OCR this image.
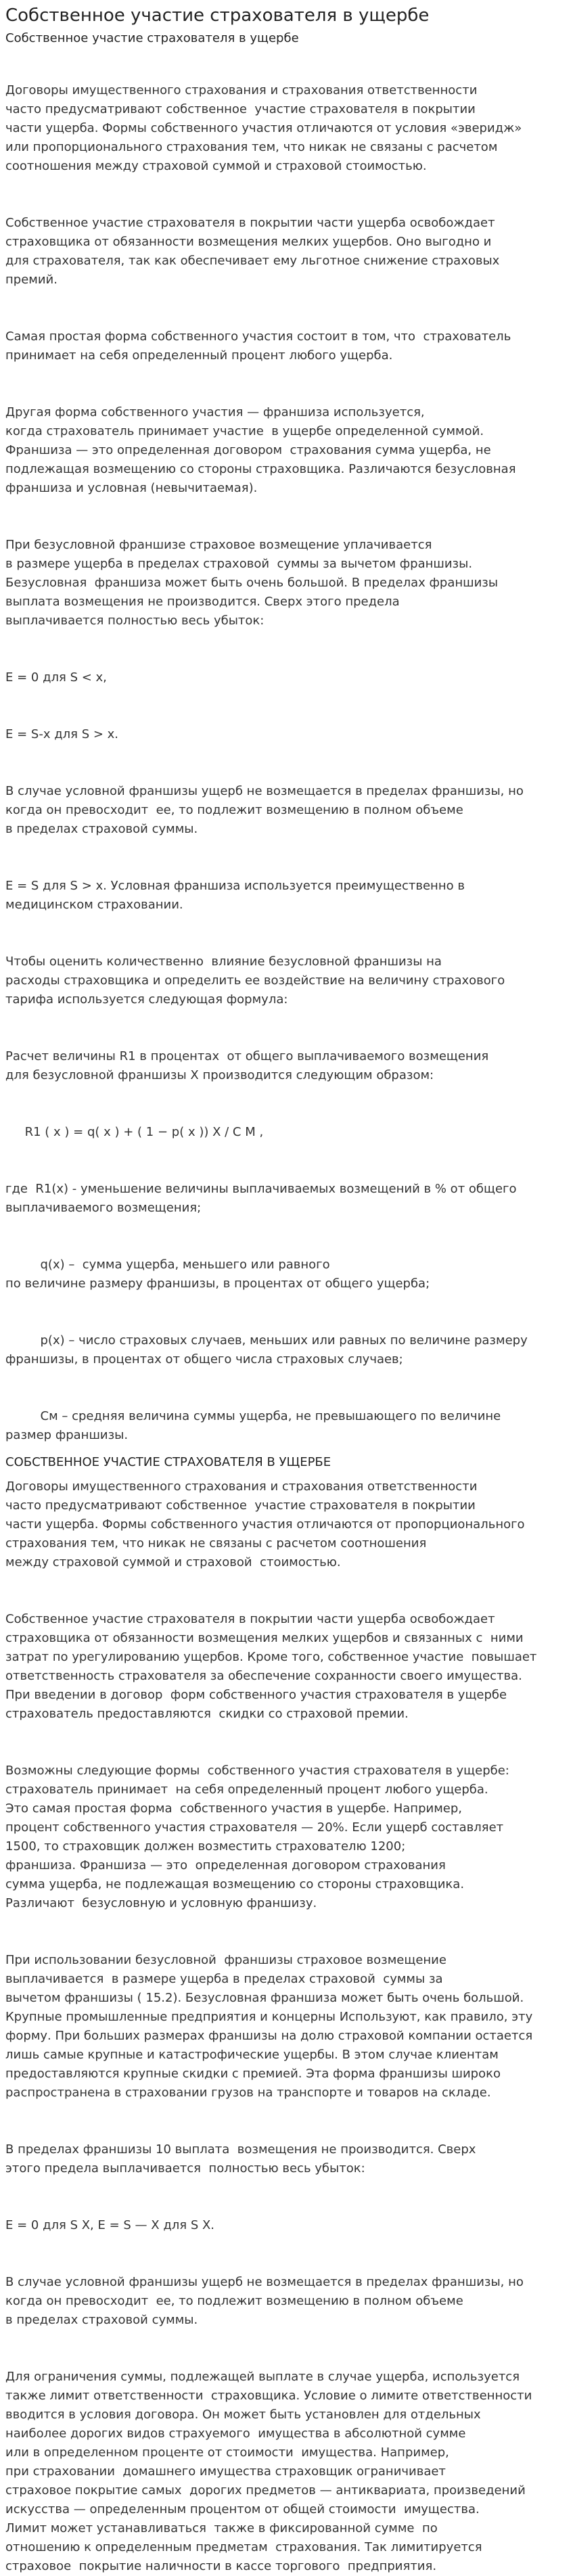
Собственное участие страхователя в ущербе
Собственное участие страхователя в ущербе
Договоры имущественного страхования и страхования ответственности
часто предусматривают собственное  участие страхователя в покрытии
части ущерба. Формы собственного участия отличаются от условия «эверидж»
или пропорционального страхования тем, что никак не связаны с расчетом
соотношения между страховой суммой и страховой стоимостью.

Собственное участие страхователя в покрытии части ущерба освобождает
страховщика от обязанности возмещения мелких ущербов. Оно выгодно и
для страхователя, так как обеспечивает ему льготное снижение страховых
премий.

Самая простая форма собственного участия состоит в том, что  страхователь
принимает на себя определенный процент любого ущерба.

Другая форма собственного участия — франшиза используется,
когда страхователь принимает участие  в ущербе определенной суммой.
Франшиза — это определенная договором  страхования сумма ущерба, не
подлежащая возмещению со стороны страховщика. Различаются безусловная
франшиза и условная (невычитаемая).

При безусловной франшизе страховое возмещение уплачивается
в размере ущерба в пределах страховой  суммы за вычетом франшизы.
Безусловная  франшиза может быть очень большой. В пределах франшизы
выплата возмещения не производится. Сверх этого предела
выплачивается полностью весь убыток:

Е = 0 для S < х,

Е = S-х для S > х.

В случае условной франшизы ущерб не возмещается в пределах франшизы, но
когда он превосходит  ее, то подлежит возмещению в полном объеме
в пределах страховой суммы.

Е = S для S > х. Условная франшиза используется преимущественно в
медицинском страховании.

Чтобы оценить количественно  влияние безусловной франшизы на
расходы страховщика и определить ее воздействие на величину страхового
тарифа используется следующая формула:

Расчет величины R1 в процентах  от общего выплачиваемого возмещения
для безусловной франшизы X производится следующим образом:

R1 ( х ) = q( х ) + ( 1 − р( х )) X / С М ,

где  R1(х) - уменьшение величины выплачиваемых возмещений в % от общего
выплачиваемого возмещения;

q(х) –  сумма ущерба, меньшего или равного
по величине размеру франшизы, в процентах от общего ущерба;

р(х) – число страховых случаев, меньших или равных по величине размеру
франшизы, в процентах от общего числа страховых случаев;

См – средняя величина суммы ущерба, не превышающего по величине
размер франшизы.
СОБСТВЕННОЕ УЧАСТИЕ СТРАХОВАТЕЛЯ В УЩЕРБЕ
Договоры имущественного страхования и страхования ответственности
часто предусматривают собственное  участие страхователя в покрытии
части ущерба. Формы собственного участия отличаются от пропорционального
страхования тем, что никак не связаны с расчетом соотношения
между страховой суммой и страховой  стоимостью.

Собственное участие страхователя в покрытии части ущерба освобождает
страховщика от обязанности возмещения мелких ущербов и связанных с  ними
затрат по урегулированию ущербов. Кроме того, собственное участие  повышает
ответственность страхователя за обеспечение сохранности своего имущества.
При введении в договор  форм собственного участия страхователя в ущербе
страхователь предоставляются  скидки со страховой премии.

Возможны следующие формы  собственного участия страхователя в ущербе:
страхователь принимает  на себя определенный процент любого ущерба.
Это самая простая форма  собственного участия в ущербе. Например,
процент собственного участия страхователя — 20%. Если ущерб составляет
1500, то страховщик должен возместить страхователю 1200;
франшиза. Франшиза — это  определенная договором страхования
сумма ущерба, не подлежащая возмещению со стороны страховщика.
Различают  безусловную и условную франшизу.

При использовании безусловной  франшизы страховое возмещение
выплачивается  в размере ущерба в пределах страховой  суммы за
вычетом франшизы ( 15.2). Безусловная франшиза может быть очень большой.
Крупные промышленные предприятия и концерны Используют, как правило, эту
форму. При больших размерах франшизы на долю страховой компании остается
лишь самые крупные и катастрофические ущербы. В этом случае клиентам
предоставляются крупные скидки с премией. Эта форма франшизы широко
распространена в страховании грузов на транспорте и товаров на складе.

В пределах франшизы 10 выплата  возмещения не производится. Сверх
этого предела выплачивается  полностью весь убыток:

Е = 0 для S Х, Е = S — Х для S Х.

В случае условной франшизы ущерб не возмещается в пределах франшизы, но
когда он превосходит  ее, то подлежит возмещению в полном объеме
в пределах страховой суммы.

Для ограничения суммы, подлежащей выплате в случае ущерба, используется
также лимит ответственности  страховщика. Условие о лимите ответственности
вводится в условия договора. Он может быть установлен для отдельных
наиболее дорогих видов страхуемого  имущества в абсолютной сумме
или в определенном проценте от стоимости  имущества. Например,
при страховании  домашнего имущества страховщик ограничивает
страховое покрытие самых  дорогих предметов — антиквариата, произведений
искусства — определенным процентом от общей стоимости  имущества.
Лимит может устанавливаться  также в фиксированной сумме  по
отношению к определенным предметам  страхования. Так лимитируется
страховое  покрытие наличности в кассе торгового  предприятия.
